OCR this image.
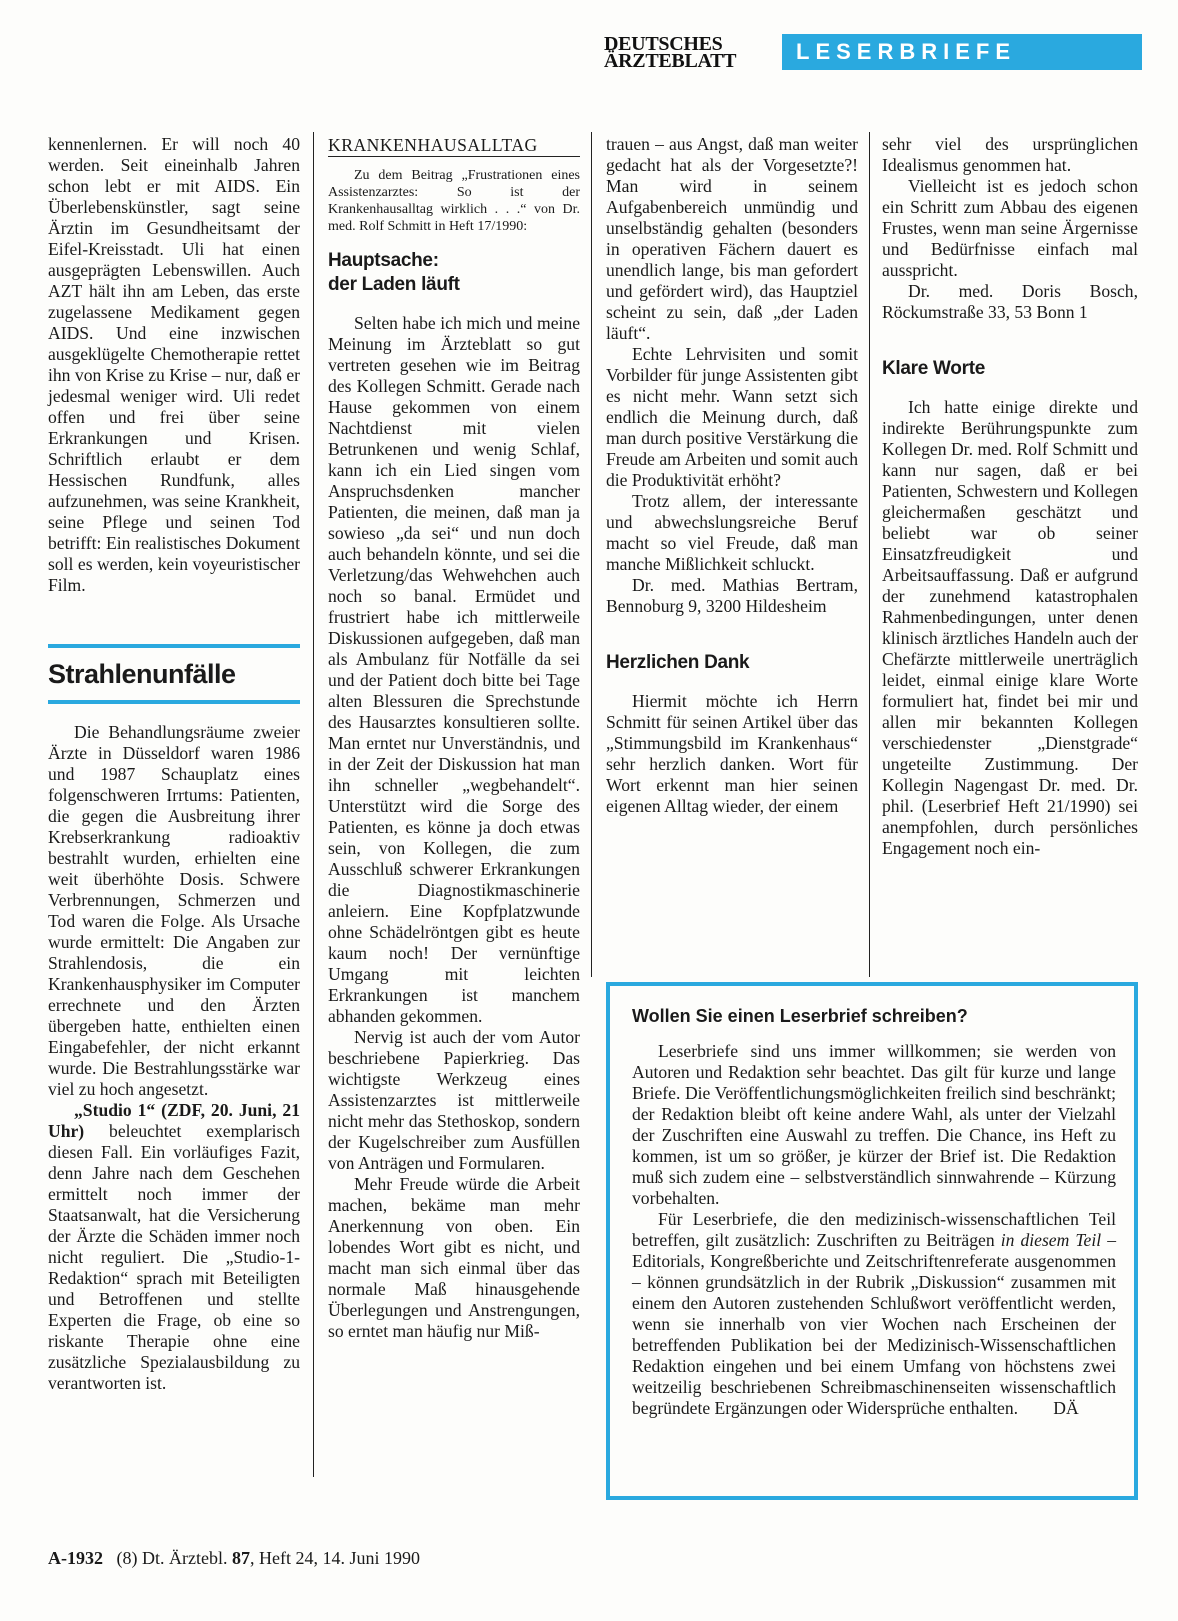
DEUTSCHES
ÄRZTEBLATT	LESERBRIEFE

kennenlernen. Er will noch 40 werden. Seit eineinhalb Jahren schon lebt er mit AIDS. Ein Überlebenskünstler, sagt seine Ärztin im Gesundheitsamt der Eifel-Kreisstadt. Uli hat einen ausgeprägten Lebenswillen. Auch AZT hält ihn am Leben, das erste zugelassene Medikament gegen AIDS. Und eine inzwischen ausgeklügelte Chemotherapie rettet ihn von Krise zu Krise – nur, daß er jedesmal weniger wird. Uli redet offen und frei über seine Erkrankungen und Krisen. Schriftlich erlaubt er dem Hessischen Rundfunk, alles aufzunehmen, was seine Krankheit, seine Pflege und seinen Tod betrifft: Ein realistisches Dokument soll es werden, kein voyeuristischer Film.

Strahlenunfälle

Die Behandlungsräume zweier Ärzte in Düsseldorf waren 1986 und 1987 Schauplatz eines folgenschweren Irrtums: Patienten, die gegen die Ausbreitung ihrer Krebserkrankung radioaktiv bestrahlt wurden, erhielten eine weit überhöhte Dosis. Schwere Verbrennungen, Schmerzen und Tod waren die Folge. Als Ursache wurde ermittelt: Die Angaben zur Strahlendosis, die ein Krankenhausphysiker im Computer errechnete und den Ärzten übergeben hatte, enthielten einen Eingabefehler, der nicht erkannt wurde. Die Bestrahlungsstärke war viel zu hoch angesetzt.

„Studio 1“ (ZDF, 20. Juni, 21 Uhr) beleuchtet exemplarisch diesen Fall. Ein vorläufiges Fazit, denn Jahre nach dem Geschehen ermittelt noch immer der Staatsanwalt, hat die Versicherung der Ärzte die Schäden immer noch nicht reguliert. Die „Studio-1-Redaktion“ sprach mit Beteiligten und Betroffenen und stellte Experten die Frage, ob eine so riskante Therapie ohne eine zusätzliche Spezialausbildung zu verantworten ist.

KRANKENHAUSALLTAG

Zu dem Beitrag „Frustrationen eines Assistenzarztes: So ist der Krankenhausalltag wirklich . . .“ von Dr. med. Rolf Schmitt in Heft 17/1990:

Hauptsache:
der Laden läuft

Selten habe ich mich und meine Meinung im Ärzteblatt so gut vertreten gesehen wie im Beitrag des Kollegen Schmitt. Gerade nach Hause gekommen von einem Nachtdienst mit vielen Betrunkenen und wenig Schlaf, kann ich ein Lied singen vom Anspruchsdenken mancher Patienten, die meinen, daß man ja sowieso „da sei“ und nun doch auch behandeln könnte, und sei die Verletzung/das Wehwehchen auch noch so banal. Ermüdet und frustriert habe ich mittlerweile Diskussionen aufgegeben, daß man als Ambulanz für Notfälle da sei und der Patient doch bitte bei Tage alten Blessuren die Sprechstunde des Hausarztes konsultieren sollte. Man erntet nur Unverständnis, und in der Zeit der Diskussion hat man ihn schneller „wegbehandelt“. Unterstützt wird die Sorge des Patienten, es könne ja doch etwas sein, von Kollegen, die zum Ausschluß schwerer Erkrankungen die Diagnostikmaschinerie anleiern. Eine Kopfplatzwunde ohne Schädelröntgen gibt es heute kaum noch! Der vernünftige Umgang mit leichten Erkrankungen ist manchem abhanden gekommen.

Nervig ist auch der vom Autor beschriebene Papierkrieg. Das wichtigste Werkzeug eines Assistenzarztes ist mittlerweile nicht mehr das Stethoskop, sondern der Kugelschreiber zum Ausfüllen von Anträgen und Formularen.

Mehr Freude würde die Arbeit machen, bekäme man mehr Anerkennung von oben. Ein lobendes Wort gibt es nicht, und macht man sich einmal über das normale Maß hinausgehende Überlegungen und Anstrengungen, so erntet man häufig nur Miß-

trauen – aus Angst, daß man weiter gedacht hat als der Vorgesetzte?! Man wird in seinem Aufgabenbereich unmündig und unselbständig gehalten (besonders in operativen Fächern dauert es unendlich lange, bis man gefordert und gefördert wird), das Hauptziel scheint zu sein, daß „der Laden läuft“.

Echte Lehrvisiten und somit Vorbilder für junge Assistenten gibt es nicht mehr. Wann setzt sich endlich die Meinung durch, daß man durch positive Verstärkung die Freude am Arbeiten und somit auch die Produktivität erhöht?

Trotz allem, der interessante und abwechslungsreiche Beruf macht so viel Freude, daß man manche Mißlichkeit schluckt.

Dr. med. Mathias Bertram, Bennoburg 9, 3200 Hildesheim

Herzlichen Dank

Hiermit möchte ich Herrn Schmitt für seinen Artikel über das „Stimmungsbild im Krankenhaus“ sehr herzlich danken. Wort für Wort erkennt man hier seinen eigenen Alltag wieder, der einem

sehr viel des ursprünglichen Idealismus genommen hat.

Vielleicht ist es jedoch schon ein Schritt zum Abbau des eigenen Frustes, wenn man seine Ärgernisse und Bedürfnisse einfach mal ausspricht.

Dr. med. Doris Bosch, Röckumstraße 33, 53 Bonn 1

Klare Worte

Ich hatte einige direkte und indirekte Berührungspunkte zum Kollegen Dr. med. Rolf Schmitt und kann nur sagen, daß er bei Patienten, Schwestern und Kollegen gleichermaßen geschätzt und beliebt war ob seiner Einsatzfreudigkeit und Arbeitsauffassung. Daß er aufgrund der zunehmend katastrophalen Rahmenbedingungen, unter denen klinisch ärztliches Handeln auch der Chefärzte mittlerweile unerträglich leidet, einmal einige klare Worte formuliert hat, findet bei mir und allen mir bekannten Kollegen verschiedenster „Dienstgrade“ ungeteilte Zustimmung. Der Kollegin Nagengast Dr. med. Dr. phil. (Leserbrief Heft 21/1990) sei anempfohlen, durch persönliches Engagement noch ein-

Wollen Sie einen Leserbrief schreiben?

Leserbriefe sind uns immer willkommen; sie werden von Autoren und Redaktion sehr beachtet. Das gilt für kurze und lange Briefe. Die Veröffentlichungsmöglichkeiten freilich sind beschränkt; der Redaktion bleibt oft keine andere Wahl, als unter der Vielzahl der Zuschriften eine Auswahl zu treffen. Die Chance, ins Heft zu kommen, ist um so größer, je kürzer der Brief ist. Die Redaktion muß sich zudem eine – selbstverständlich sinnwahrende – Kürzung vorbehalten.

Für Leserbriefe, die den medizinisch-wissenschaftlichen Teil betreffen, gilt zusätzlich: Zuschriften zu Beiträgen in diesem Teil – Editorials, Kongreßberichte und Zeitschriftenreferate ausgenommen – können grundsätzlich in der Rubrik „Diskussion“ zusammen mit einem den Autoren zustehenden Schlußwort veröffentlicht werden, wenn sie innerhalb von vier Wochen nach Erscheinen der betreffenden Publikation bei der Medizinisch-Wissenschaftlichen Redaktion eingehen und bei einem Umfang von höchstens zwei weitzeilig beschriebenen Schreibmaschinenseiten wissenschaftlich begründete Ergänzungen oder Widersprüche enthalten. DÄ

A-1932 (8) Dt. Ärztebl. 87, Heft 24, 14. Juni 1990
